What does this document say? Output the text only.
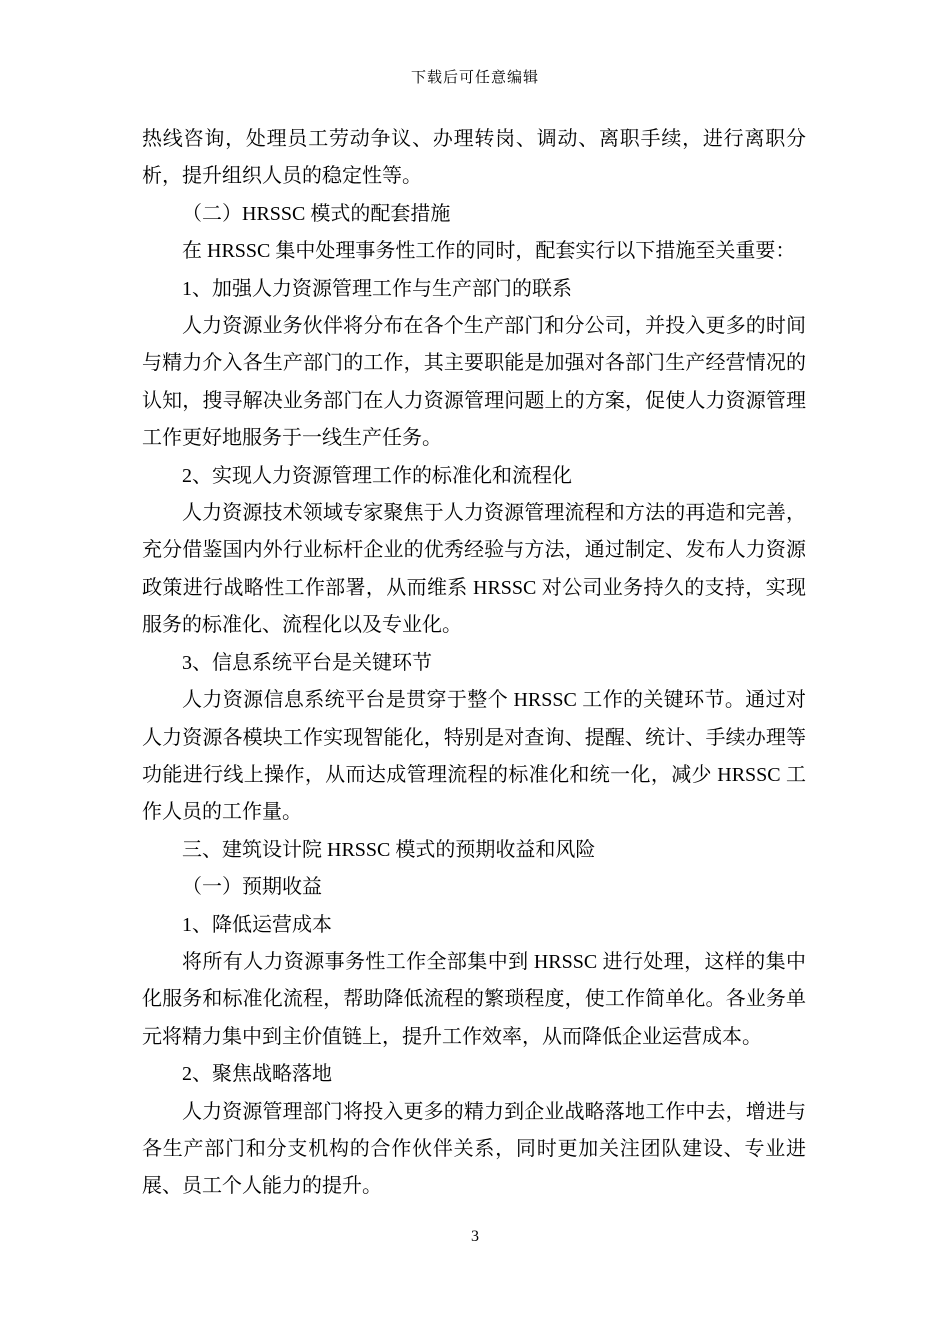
下载后可任意编辑

热线咨询，处理员工劳动争议、办理转岗、调动、离职手续，进行离职分析，提升组织人员的稳定性等。

（二）HRSSC 模式的配套措施

在 HRSSC 集中处理事务性工作的同时，配套实行以下措施至关重要：

1、加强人力资源管理工作与生产部门的联系

人力资源业务伙伴将分布在各个生产部门和分公司，并投入更多的时间与精力介入各生产部门的工作，其主要职能是加强对各部门生产经营情况的认知，搜寻解决业务部门在人力资源管理问题上的方案，促使人力资源管理工作更好地服务于一线生产任务。

2、实现人力资源管理工作的标准化和流程化

人力资源技术领域专家聚焦于人力资源管理流程和方法的再造和完善，充分借鉴国内外行业标杆企业的优秀经验与方法，通过制定、发布人力资源政策进行战略性工作部署，从而维系 HRSSC 对公司业务持久的支持，实现服务的标准化、流程化以及专业化。

3、信息系统平台是关键环节

人力资源信息系统平台是贯穿于整个 HRSSC 工作的关键环节。通过对人力资源各模块工作实现智能化，特别是对查询、提醒、统计、手续办理等功能进行线上操作，从而达成管理流程的标准化和统一化，减少 HRSSC 工作人员的工作量。

三、建筑设计院 HRSSC 模式的预期收益和风险

（一）预期收益

1、降低运营成本

将所有人力资源事务性工作全部集中到 HRSSC 进行处理，这样的集中化服务和标准化流程，帮助降低流程的繁琐程度，使工作简单化。各业务单元将精力集中到主价值链上，提升工作效率，从而降低企业运营成本。

2、聚焦战略落地

人力资源管理部门将投入更多的精力到企业战略落地工作中去，增进与各生产部门和分支机构的合作伙伴关系，同时更加关注团队建设、专业进展、员工个人能力的提升。

3
